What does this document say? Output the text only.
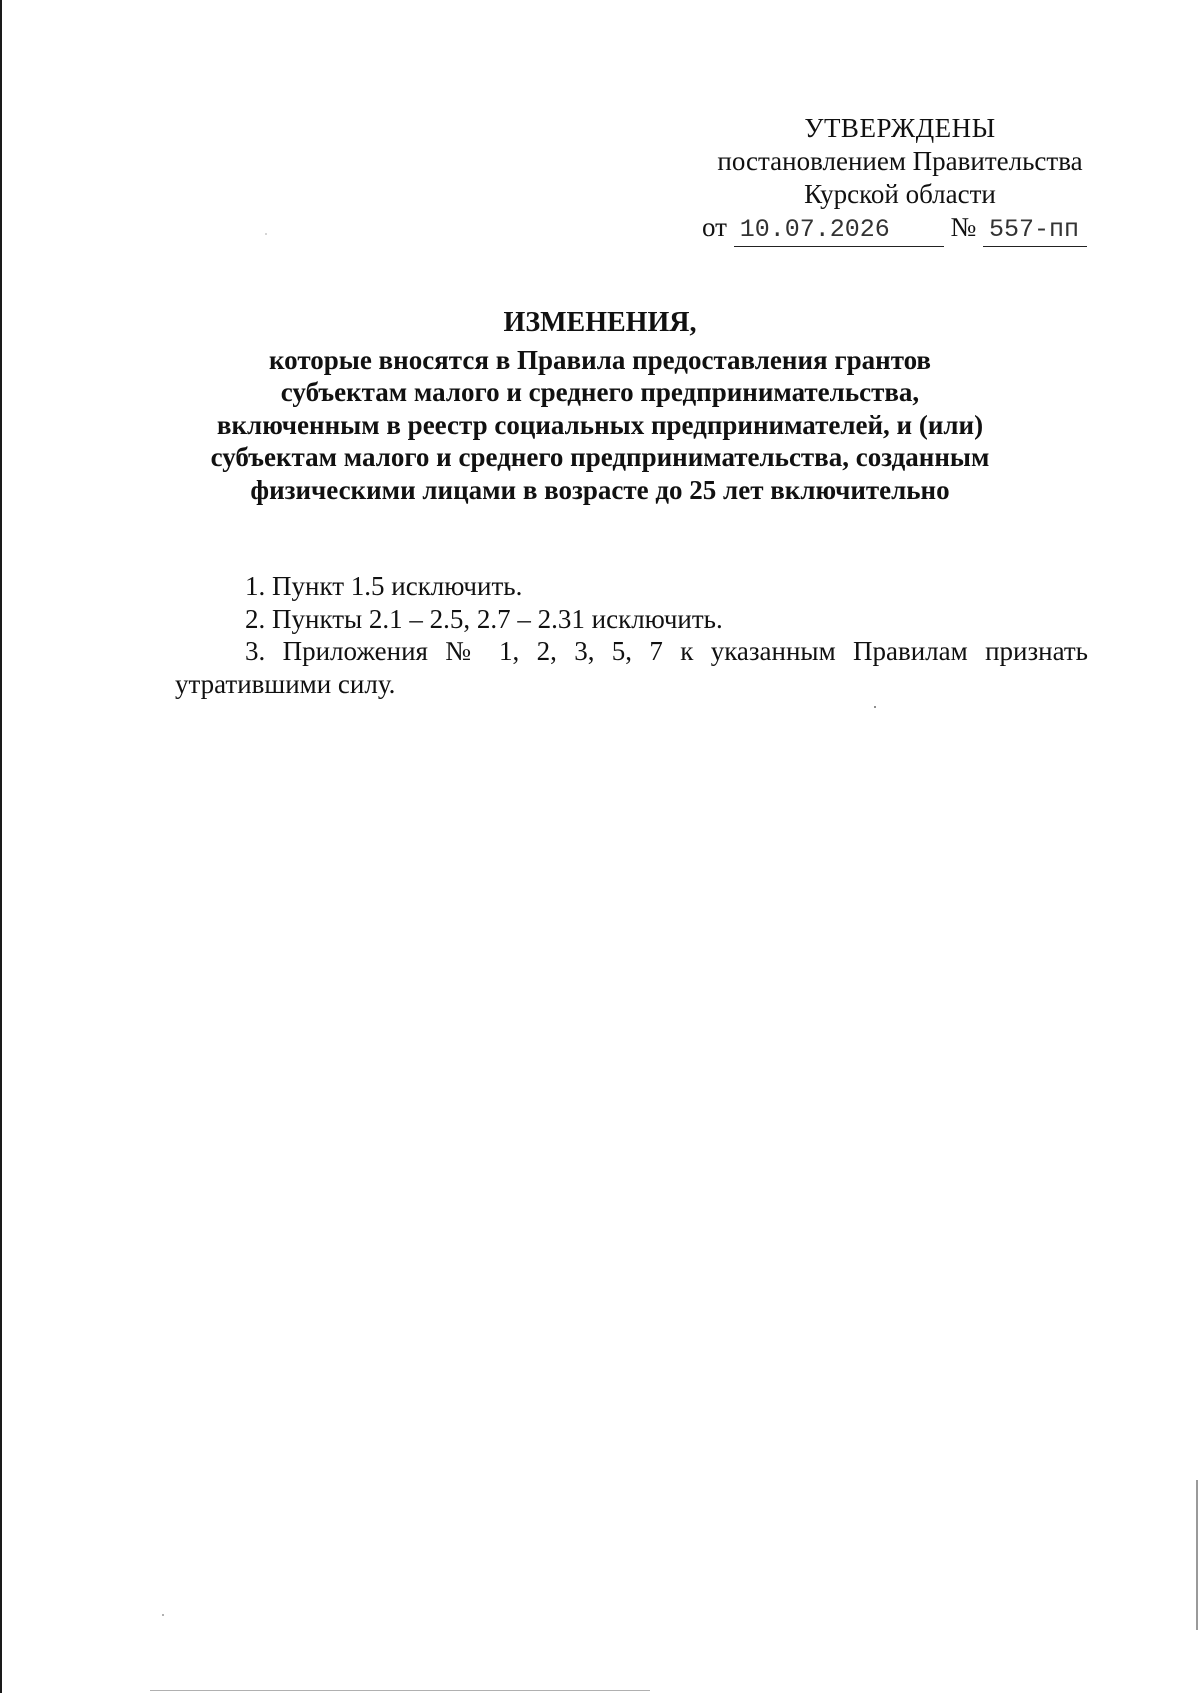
УТВЕРЖДЕНЫ
постановлением Правительства
Курской области
от 10.07.2026 № 557-пп
ИЗМЕНЕНИЯ,
которые вносятся в Правила предоставления грантов
субъектам малого и среднего предпринимательства,
включенным в реестр социальных предпринимателей, и (или)
субъектам малого и среднего предпринимательства, созданным
физическими лицами в возрасте до 25 лет включительно

1. Пункт 1.5 исключить.

2. Пункты 2.1 – 2.5, 2.7 – 2.31 исключить.

3. Приложения № 1, 2, 3, 5, 7 к указанным Правилам признать утратившими силу.
